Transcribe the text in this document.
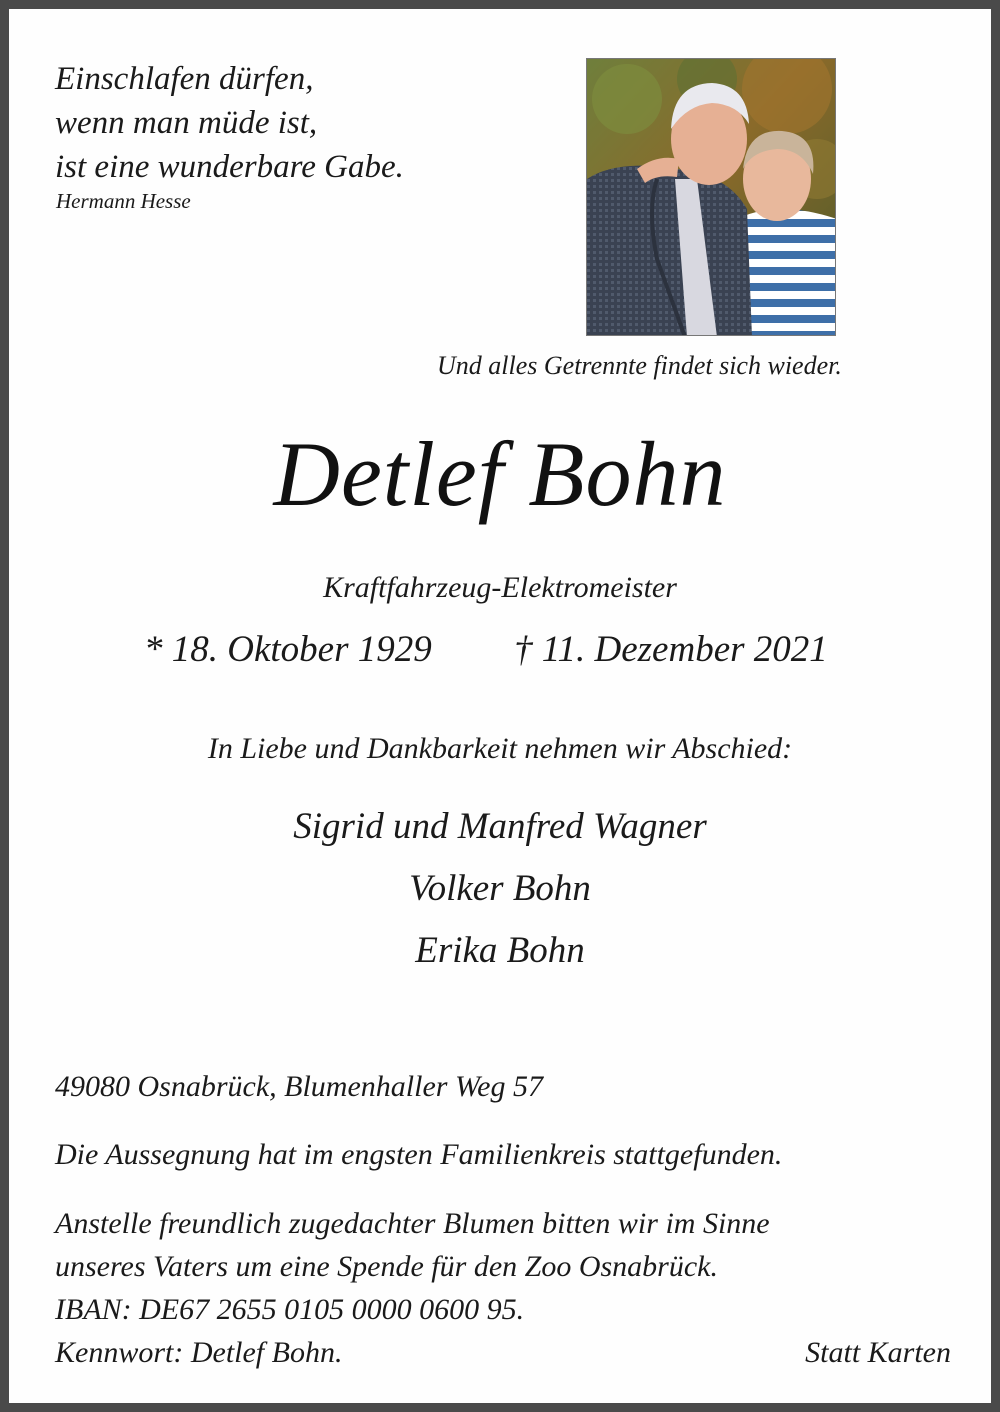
Einschlafen dürfen,
wenn man müde ist,
ist eine wunderbare Gabe.
Hermann Hesse
Und alles Getrennte findet sich wieder.
Detlef Bohn
Kraftfahrzeug-Elektromeister
* 18. Oktober 1929 † 11. Dezember 2021
In Liebe und Dankbarkeit nehmen wir Abschied:
Sigrid und Manfred Wagner
Volker Bohn
Erika Bohn
49080 Osnabrück, Blumenhaller Weg 57
Die Aussegnung hat im engsten Familienkreis stattgefunden.
Anstelle freundlich zugedachter Blumen bitten wir im Sinne
unseres Vaters um eine Spende für den Zoo Osnabrück.
IBAN: DE67 2655 0105 0000 0600 95.
Kennwort: Detlef Bohn.	Statt Karten
